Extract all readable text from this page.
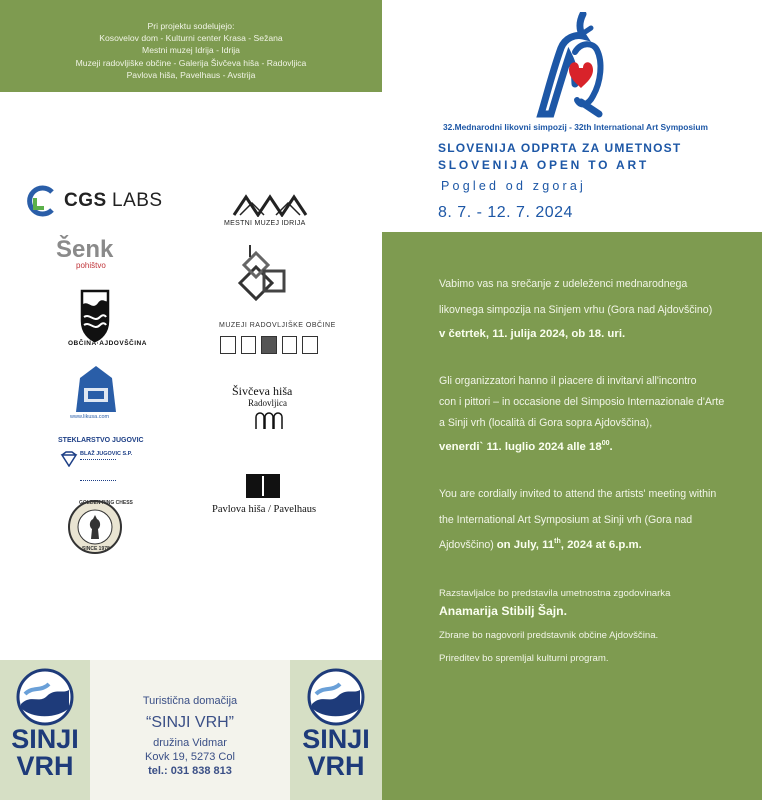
Pri projektu sodelujejo:
Kosovelov dom - Kulturni center Krasa - Sežana
Mestni muzej Idrija - Idrija
Muzeji radovljiške občine - Galerija Šivčeva hiša - Radovljica
Pavlova hiša, Pavelhaus - Avstrija
32.Mednarodni likovni simpozij - 32th International Art Symposium
SLOVENIJA ODPRTA ZA UMETNOST
SLOVENIJA OPEN TO ART
Pogled od zgoraj
8. 7. - 12. 7. 2024
Vabimo vas na srečanje z udeleženci mednarodnega
likovnega simpozija na Sinjem vrhu (Gora nad Ajdovščino)
v četrtek, 11. julija 2024, ob 18. uri.
Gli organizzatori hanno il piacere di invitarvi all'incontro
con i pittori – in occasione del Simposio Internazionale d'Arte
a Sinji vrh (località di Gora sopra Ajdovščina),
venerdi` 11. luglio 2024 alle $18^{00}$.
You are cordially invited to attend the artists' meeting within
the International Art Symposium at Sinji vrh (Gora nad
Ajdovščino) on July, 11th, 2024 at 6.p.m.
Razstavljalce bo predstavila umetnostna zgodovinarka
Anamarija Stibilj Šajn.
Zbrane bo nagovoril predstavnik občine Ajdovščina.
Prireditev bo spremljal kulturni program.
CGS LABS
Šenk
pohištvo
OBČINA·AJDOVŠČINA
www.likusa.com
STEKLARSTVO JUGOVIC
BLAŽ JUGOVIC S.P.
GOLDEN RING CHESS
SINCE 1978
MESTNI MUZEJ IDRIJA
MUZEJI RADOVLJIŠKE OBČINE
Šivčeva hiša
Radovljica
Pavlova hiša / Pavelhaus
SINJI
VRH
Turistična domačija
“SINJI VRH”
družina Vidmar
Kovk 19, 5273 Col
tel.: 031 838 813
SINJI
VRH
